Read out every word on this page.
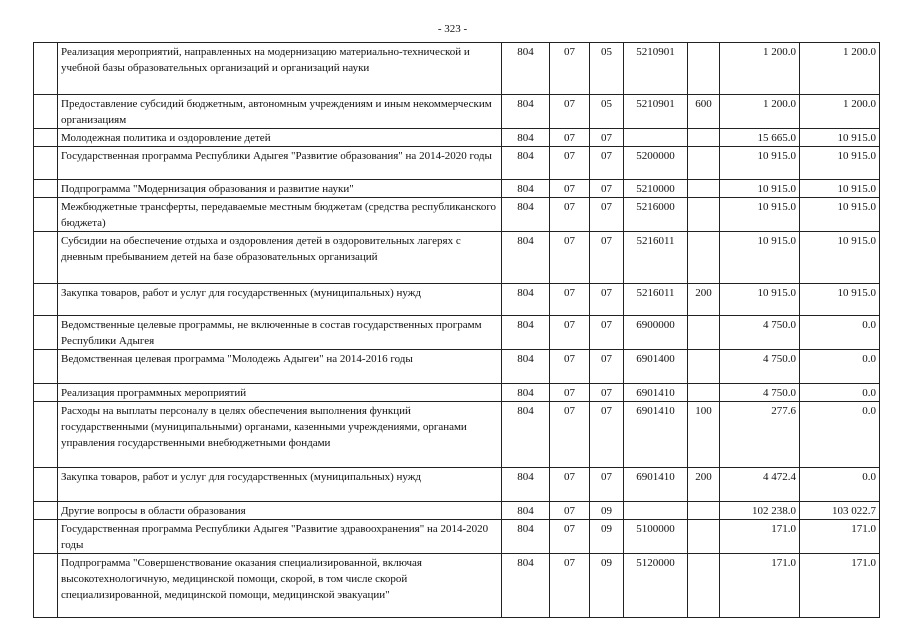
- 323 -
	Реализация мероприятий, направленных на модернизацию материально-технической и учебной базы образовательных организаций и организаций науки	804	07	05	5210901		1 200.0	1 200.0
	Предоставление субсидий бюджетным, автономным учреждениям и иным некоммерческим организациям	804	07	05	5210901	600	1 200.0	1 200.0
	Молодежная политика и оздоровление детей	804	07	07			15 665.0	10 915.0
	Государственная программа Республики Адыгея "Развитие образования" на 2014-2020 годы	804	07	07	5200000		10 915.0	10 915.0
	Подпрограмма "Модернизация образования и развитие науки"	804	07	07	5210000		10 915.0	10 915.0
	Межбюджетные трансферты, передаваемые местным бюджетам (средства республиканского бюджета)	804	07	07	5216000		10 915.0	10 915.0
	Субсидии на обеспечение отдыха и оздоровления детей в оздоровительных лагерях с дневным пребыванием детей на базе образовательных организаций	804	07	07	5216011		10 915.0	10 915.0
	Закупка товаров, работ и услуг для государственных (муниципальных) нужд	804	07	07	5216011	200	10 915.0	10 915.0
	Ведомственные целевые программы, не включенные в состав государственных программ Республики Адыгея	804	07	07	6900000		4 750.0	0.0
	Ведомственная целевая программа "Молодежь Адыгеи" на 2014-2016 годы	804	07	07	6901400		4 750.0	0.0
	Реализация программных мероприятий	804	07	07	6901410		4 750.0	0.0
	Расходы на выплаты персоналу в целях обеспечения выполнения функций государственными (муниципальными) органами, казенными учреждениями, органами управления государственными внебюджетными фондами	804	07	07	6901410	100	277.6	0.0
	Закупка товаров, работ и услуг для государственных (муниципальных) нужд	804	07	07	6901410	200	4 472.4	0.0
	Другие вопросы в области образования	804	07	09			102 238.0	103 022.7
	Государственная программа Республики Адыгея "Развитие здравоохранения" на 2014-2020 годы	804	07	09	5100000		171.0	171.0
	Подпрограмма "Совершенствование оказания специализированной, включая высокотехнологичную, медицинской помощи, скорой, в том числе скорой специализированной, медицинской помощи, медицинской эвакуации"	804	07	09	5120000		171.0	171.0
